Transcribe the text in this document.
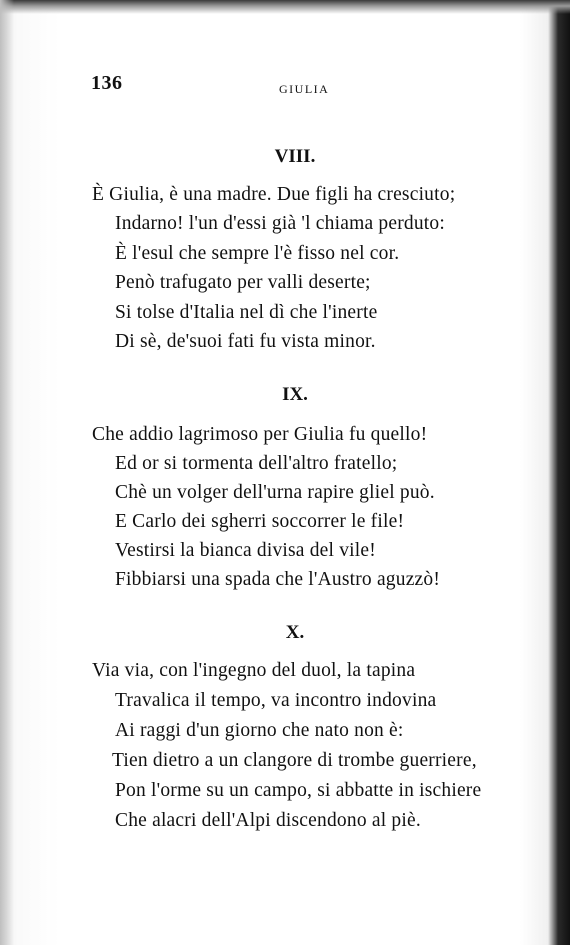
136	GIULIA
VIII.
È Giulia, è una madre. Due figli ha cresciuto;
Indarno! l'un d'essi già 'l chiama perduto:
È l'esul che sempre l'è fisso nel cor.
Penò trafugato per valli deserte;
Si tolse d'Italia nel dì che l'inerte
Di sè, de'suoi fati fu vista minor.
IX.
Che addio lagrimoso per Giulia fu quello!
Ed or si tormenta dell'altro fratello;
Chè un volger dell'urna rapire gliel può.
E Carlo dei sgherri soccorrer le file!
Vestirsi la bianca divisa del vile!
Fibbiarsi una spada che l'Austro aguzzò!
X.
Via via, con l'ingegno del duol, la tapina
Travalica il tempo, va incontro indovina
Ai raggi d'un giorno che nato non è:
Tien dietro a un clangore di trombe guerriere,
Pon l'orme su un campo, si abbatte in ischiere
Che alacri dell'Alpi discendono al piè.
